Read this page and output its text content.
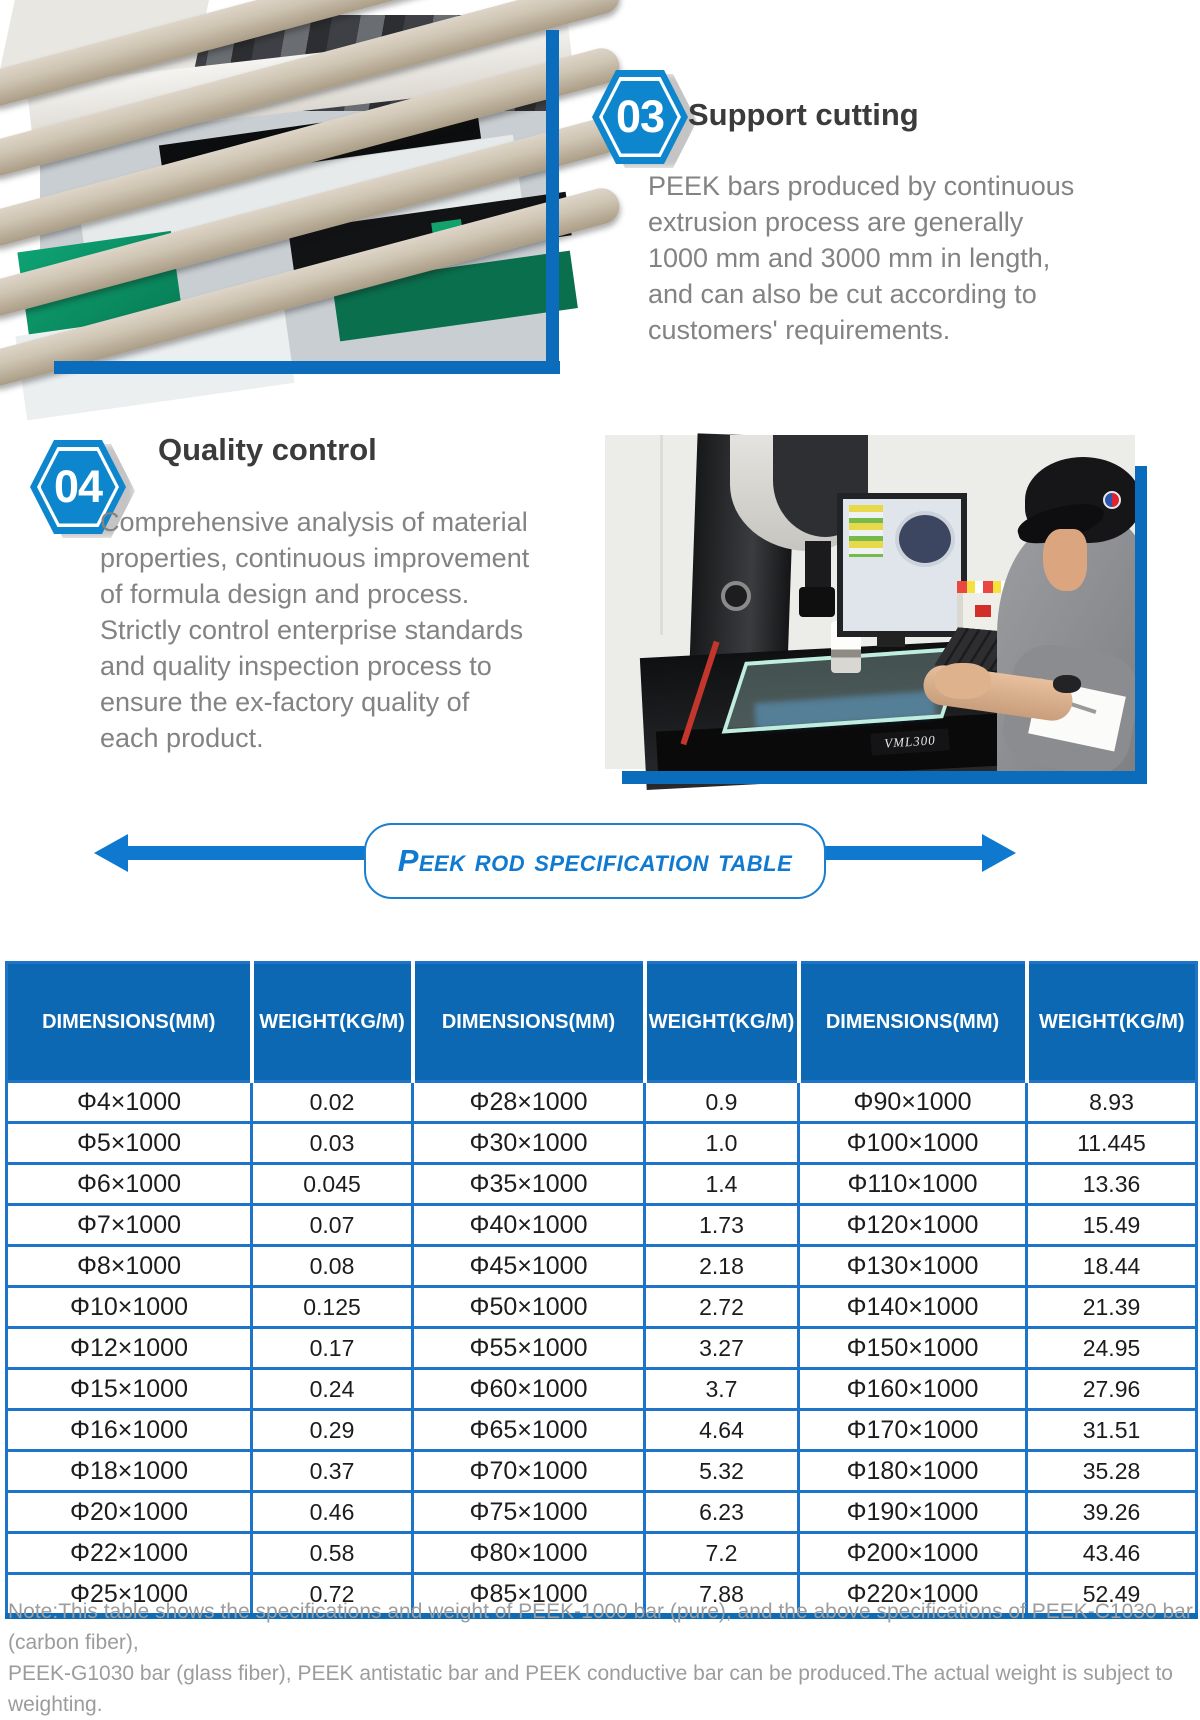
03 Support cutting
PEEK bars produced by continuous
extrusion process are generally
1000 mm and 3000 mm in length,
and can also be cut according to
customers' requirements.
04
Quality control
Comprehensive analysis of material
properties, continuous improvement
of formula design and process.
Strictly control enterprise standards
and quality inspection process to
ensure the ex-factory quality of
each product.	VML300
Peek rod specification table
DIMENSIONS(MM)	WEIGHT(KG/M)	DIMENSIONS(MM)	WEIGHT(KG/M)	DIMENSIONS(MM)	WEIGHT(KG/M)
Φ4×1000	0.02	Φ28×1000	0.9	Φ90×1000	8.93
Φ5×1000	0.03	Φ30×1000	1.0	Φ100×1000	11.445
Φ6×1000	0.045	Φ35×1000	1.4	Φ110×1000	13.36
Φ7×1000	0.07	Φ40×1000	1.73	Φ120×1000	15.49
Φ8×1000	0.08	Φ45×1000	2.18	Φ130×1000	18.44
Φ10×1000	0.125	Φ50×1000	2.72	Φ140×1000	21.39
Φ12×1000	0.17	Φ55×1000	3.27	Φ150×1000	24.95
Φ15×1000	0.24	Φ60×1000	3.7	Φ160×1000	27.96
Φ16×1000	0.29	Φ65×1000	4.64	Φ170×1000	31.51
Φ18×1000	0.37	Φ70×1000	5.32	Φ180×1000	35.28
Φ20×1000	0.46	Φ75×1000	6.23	Φ190×1000	39.26
Φ22×1000	0.58	Φ80×1000	7.2	Φ200×1000	43.46
Φ25×1000	0.72	Φ85×1000	7.88	Φ220×1000	52.49
Note:This table shows the specifications and weight of PEEK-1000 bar (pure), and the above specifications of PEEK-C1030 bar (carbon fiber),
PEEK-G1030 bar (glass fiber), PEEK antistatic bar and PEEK conductive bar can be produced.The actual weight is subject to weighting.
